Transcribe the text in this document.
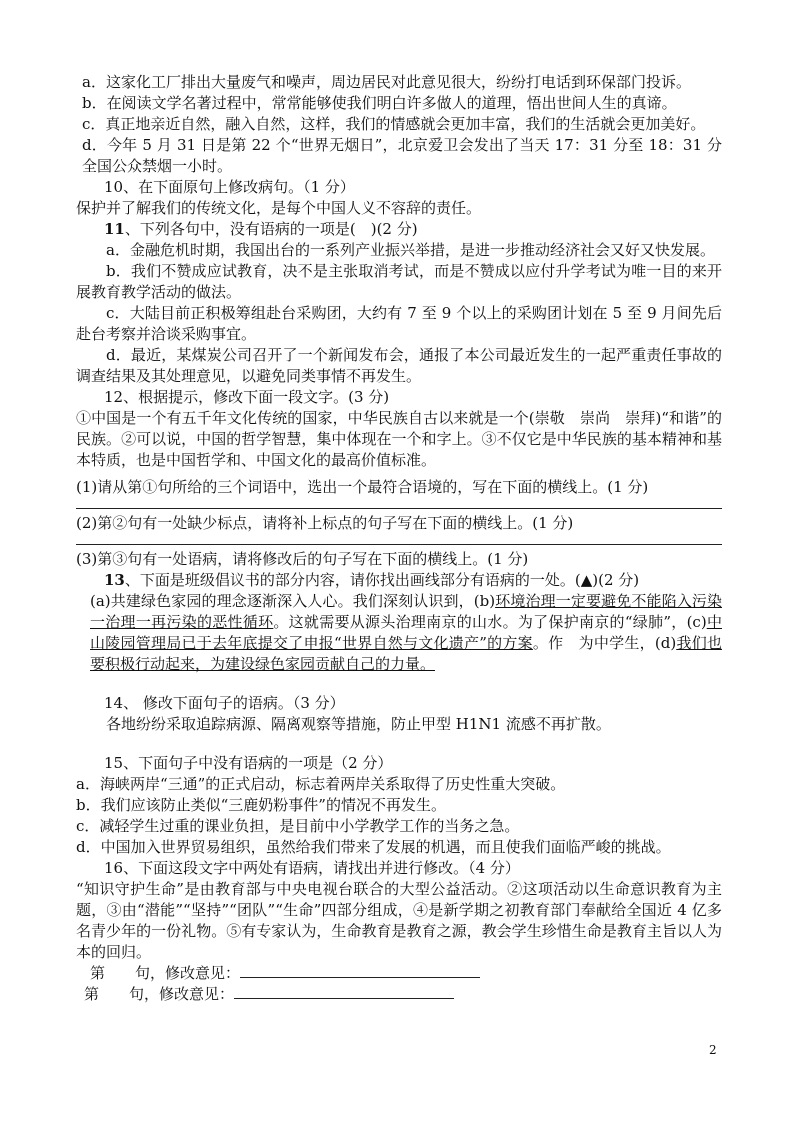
a．这家化工厂排出大量废气和噪声，周边居民对此意见很大，纷纷打电话到环保部门投诉。

b．在阅读文学名著过程中，常常能够使我们明白许多做人的道理，悟出世间人生的真谛。

c．真正地亲近自然，融入自然，这样，我们的情感就会更加丰富，我们的生活就会更加美好。

d．今年 5 月 31 日是第 22 个“世界无烟日”，北京爱卫会发出了当天 17：31 分至 18：31 分全国公众禁烟一小时。

10、在下面原句上修改病句。（1 分）

保护并了解我们的传统文化，是每个中国人义不容辞的责任。

11、下列各句中，没有语病的一项是(　)(2 分)

a．金融危机时期，我国出台的一系列产业振兴举措，是进一步推动经济社会又好又快发展。

b．我们不赞成应试教育，决不是主张取消考试，而是不赞成以应付升学考试为唯一目的来开展教育教学活动的做法。

c．大陆目前正积极筹组赴台采购团，大约有 7 至 9 个以上的采购团计划在 5 至 9 月间先后赴台考察并洽谈采购事宜。

d．最近，某煤炭公司召开了一个新闻发布会，通报了本公司最近发生的一起严重责任事故的调查结果及其处理意见，以避免同类事情不再发生。

12、根据提示，修改下面一段文字。(3 分)

①中国是一个有五千年文化传统的国家，中华民族自古以来就是一个(崇敬　崇尚　崇拜)“和谐”的民族。②可以说，中国的哲学智慧，集中体现在一个和字上。③不仅它是中华民族的基本精神和基本特质，也是中国哲学和、中国文化的最高价值标准。

(1)请从第①句所给的三个词语中，选出一个最符合语境的，写在下面的横线上。(1 分)

(2)第②句有一处缺少标点，请将补上标点的句子写在下面的横线上。(1 分)

(3)第③句有一处语病，请将修改后的句子写在下面的横线上。(1 分)

13、下面是班级倡议书的部分内容，请你找出画线部分有语病的一处。(▲)(2 分)

(a)共建绿色家园的理念逐渐深入人心。我们深刻认识到，(b)环境治理一定要避免不能陷入污染一治理一再污染的恶性循环。这就需要从源头治理南京的山水。为了保护南京的“绿肺”，(c)中山陵园管理局已于去年底提交了申报“世界自然与文化遗产”的方案。作　为中学生，(d)我们也要积极行动起来，为建设绿色家园贡献自己的力量。

14、 修改下面句子的语病。（3 分）

各地纷纷采取追踪病源、隔离观察等措施，防止甲型 H1N1 流感不再扩散。

15、下面句子中没有语病的一项是（2 分）

a．海峡两岸“三通”的正式启动，标志着两岸关系取得了历史性重大突破。

b．我们应该防止类似“三鹿奶粉事件”的情况不再发生。

c．减轻学生过重的课业负担，是目前中小学教学工作的当务之急。

d．中国加入世界贸易组织，虽然给我们带来了发展的机遇，而且使我们面临严峻的挑战。

16、下面这段文字中两处有语病，请找出并进行修改。（4 分）

“知识守护生命”是由教育部与中央电视台联合的大型公益活动。②这项活动以生命意识教育为主题，③由“潜能”“坚持”“团队”“生命”四部分组成，④是新学期之初教育部门奉献给全国近 4 亿多名青少年的一份礼物。⑤有专家认为，生命教育是教育之源，教会学生珍惜生命是教育主旨以人为本的回归。

第　　句，修改意见：

第　　句，修改意见：

2
